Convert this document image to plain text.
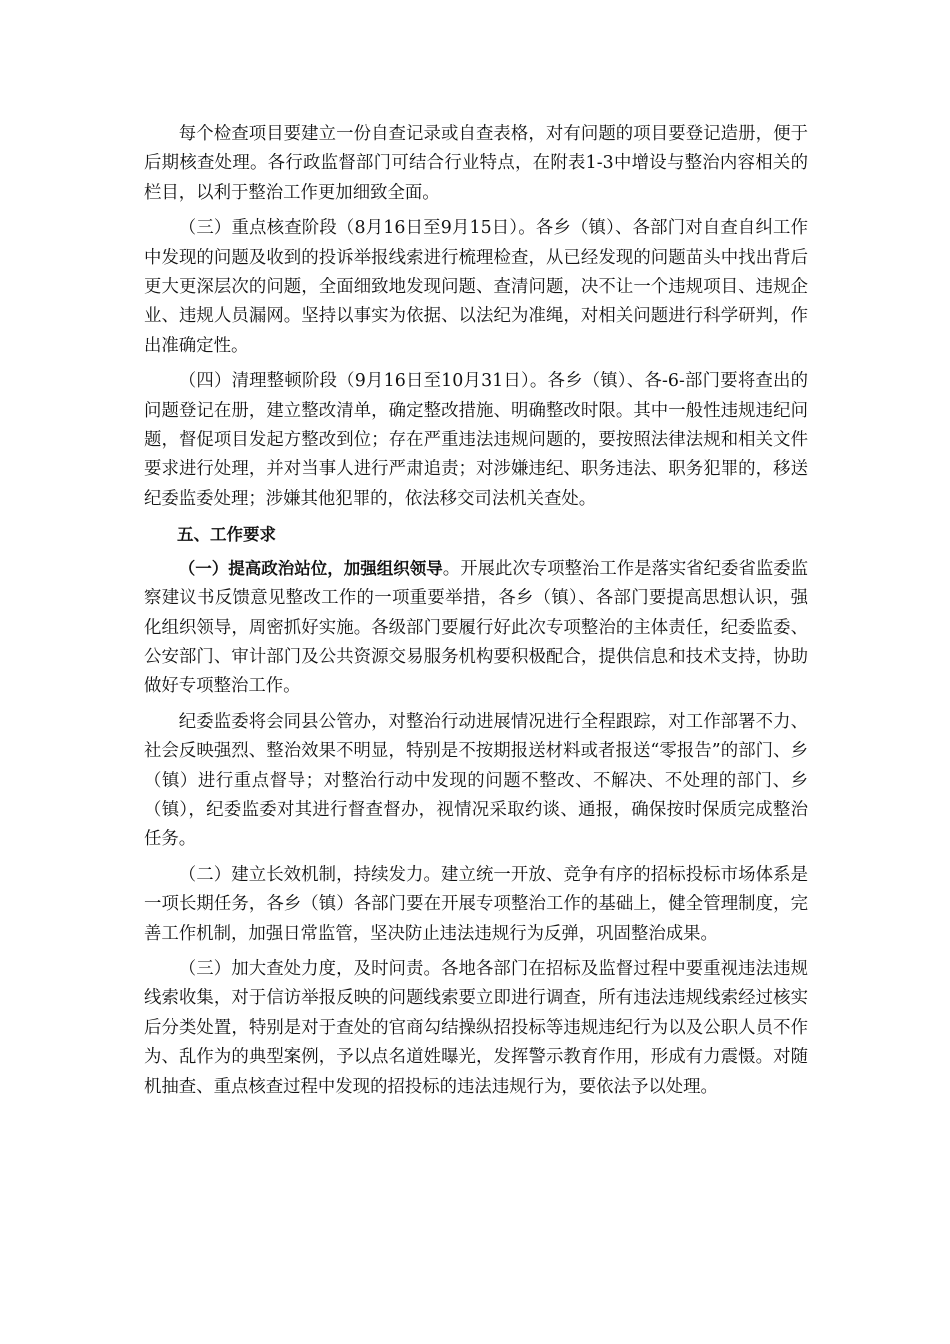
每个检查项目要建立一份自查记录或自查表格，对有问题的项目要登记造册，便于后期核查处理。各行政监督部门可结合行业特点，在附表1-3中增设与整治内容相关的栏目，以利于整治工作更加细致全面。

（三）重点核查阶段（8月16日至9月15日）。各乡（镇）、各部门对自查自纠工作中发现的问题及收到的投诉举报线索进行梳理检查，从已经发现的问题苗头中找出背后更大更深层次的问题，全面细致地发现问题、查清问题，决不让一个违规项目、违规企业、违规人员漏网。坚持以事实为依据、以法纪为准绳，对相关问题进行科学研判，作出准确定性。

（四）清理整顿阶段（9月16日至10月31日）。各乡（镇）、各-6-部门要将查出的问题登记在册，建立整改清单，确定整改措施、明确整改时限。其中一般性违规违纪问题，督促项目发起方整改到位；存在严重违法违规问题的，要按照法律法规和相关文件要求进行处理，并对当事人进行严肃追责；对涉嫌违纪、职务违法、职务犯罪的，移送纪委监委处理；涉嫌其他犯罪的，依法移交司法机关查处。

五、工作要求

（一）提高政治站位，加强组织领导。开展此次专项整治工作是落实省纪委省监委监察建议书反馈意见整改工作的一项重要举措，各乡（镇）、各部门要提高思想认识，强化组织领导，周密抓好实施。各级部门要履行好此次专项整治的主体责任，纪委监委、公安部门、审计部门及公共资源交易服务机构要积极配合，提供信息和技术支持，协助做好专项整治工作。

纪委监委将会同县公管办，对整治行动进展情况进行全程跟踪，对工作部署不力、社会反映强烈、整治效果不明显，特别是不按期报送材料或者报送“零报告”的部门、乡（镇）进行重点督导；对整治行动中发现的问题不整改、不解决、不处理的部门、乡（镇），纪委监委对其进行督查督办，视情况采取约谈、通报，确保按时保质完成整治任务。

（二）建立长效机制，持续发力。建立统一开放、竞争有序的招标投标市场体系是一项长期任务，各乡（镇）各部门要在开展专项整治工作的基础上，健全管理制度，完善工作机制，加强日常监管，坚决防止违法违规行为反弹，巩固整治成果。

（三）加大查处力度，及时问责。各地各部门在招标及监督过程中要重视违法违规线索收集，对于信访举报反映的问题线索要立即进行调查，所有违法违规线索经过核实后分类处置，特别是对于查处的官商勾结操纵招投标等违规违纪行为以及公职人员不作为、乱作为的典型案例，予以点名道姓曝光，发挥警示教育作用，形成有力震慑。对随机抽查、重点核查过程中发现的招投标的违法违规行为，要依法予以处理。
